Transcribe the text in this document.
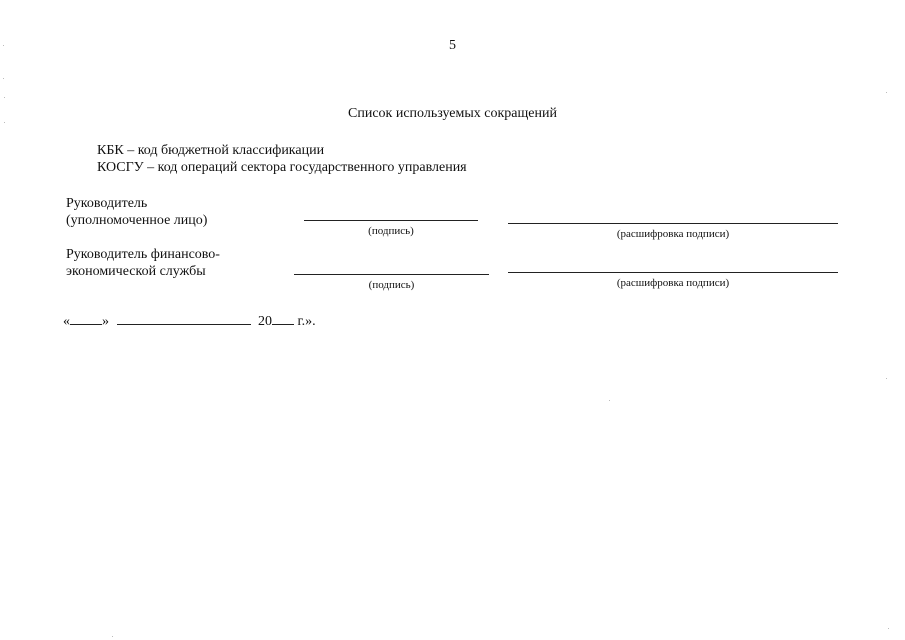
5
Список используемых сокращений
КБК – код бюджетной классификации
КОСГУ – код операций сектора государственного управления
Руководитель
(уполномоченное лицо)
(подпись)	(расшифровка подписи)
Руководитель финансово-
экономической службы
(подпись)	(расшифровка подписи)
« »	20 г.».
